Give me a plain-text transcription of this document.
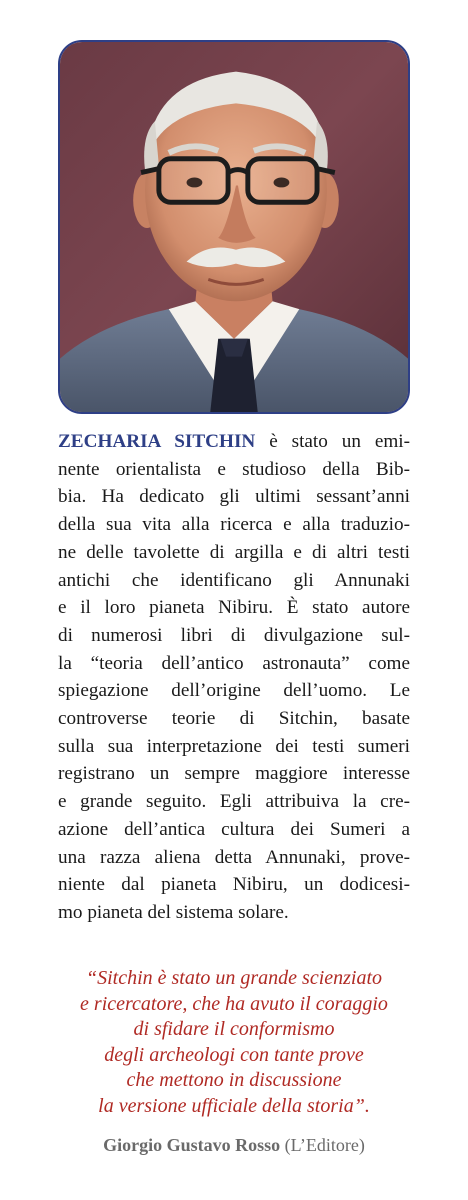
ZECHARIA SITCHIN è stato un emi-
nente orientalista e studioso della Bib-
bia. Ha dedicato gli ultimi sessant’anni
della sua vita alla ricerca e alla traduzio-
ne delle tavolette di argilla e di altri testi
antichi che identificano gli Annunaki
e il loro pianeta Nibiru. È stato autore
di numerosi libri di divulgazione sul-
la “teoria dell’antico astronauta” come
spiegazione dell’origine dell’uomo. Le
controverse teorie di Sitchin, basate
sulla sua interpretazione dei testi sumeri
registrano un sempre maggiore interesse
e grande seguito. Egli attribuiva la cre-
azione dell’antica cultura dei Sumeri a
una razza aliena detta Annunaki, prove-
niente dal pianeta Nibiru, un dodicesi-
mo pianeta del sistema solare.

“Sitchin è stato un grande scienziato
e ricercatore, che ha avuto il coraggio
di sfidare il conformismo
degli archeologi con tante prove
che mettono in discussione
la versione ufficiale della storia”.

Giorgio Gustavo Rosso (L’Editore)
